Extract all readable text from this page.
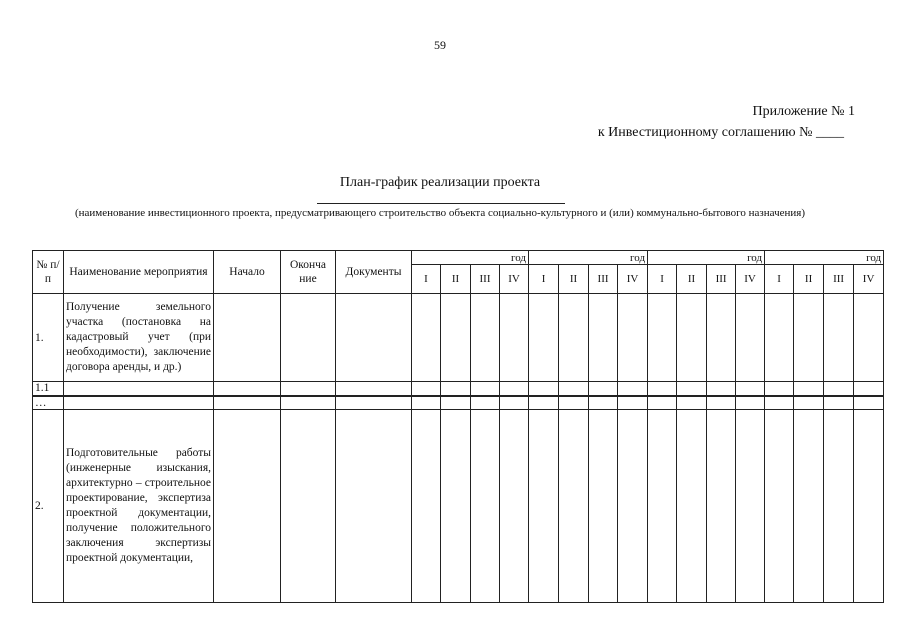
59
Приложение № 1
к Инвестиционному соглашению № ____
План-график реализации проекта
(наименование инвестиционного проекта, предусматривающего строительство объекта социально-культурного и (или) коммунально-бытового назначения)
№ п/ п	Наименование мероприятия	Начало	Оконча ние	Документы	год				год				год				год			
					I	II	III	IV	I	II	III	IV	I	II	III	IV	I	II	III	IV
1.	Получение земельного участка (постановка на кадастровый учет (при необходимости), заключение договора аренды, и др.)																			
1.1																				
…																				
2.	Подготовительные работы (инженерные изыскания, архитектурно – строительное проектирование, экспертиза проектной документации, получение положительного заключения экспертизы проектной документации,																			
